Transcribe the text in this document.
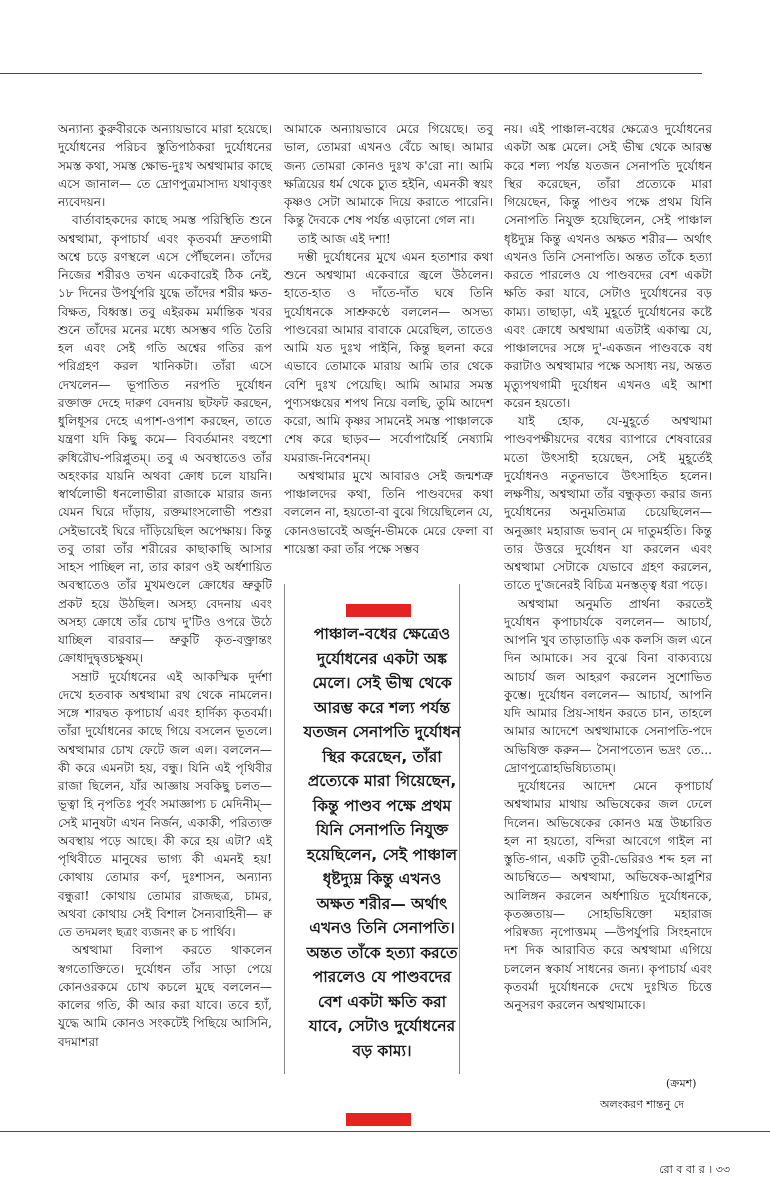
অন্যান্য কুরুবীরকে অন্যায়ভাবে মারা হয়েছে। দুর্যোধনের পরিচব স্তুতিপাঠকরা দুর্যোধনের সমস্ত কথা, সমস্ত ক্ষোভ-দুঃখ অশ্বত্থামার কাছে এসে জানাল— তে দ্রোণপুত্রমাসাদ্য যথাবৃত্তং ন্যবেদয়ন।

বার্তাবাহকদের কাছে সমস্ত পরিস্থিতি শুনে অশ্বত্থামা, কৃপাচার্য এবং কৃতবর্মা দ্রুতগামী অশ্বে চড়ে রণস্থলে এসে পৌঁছলেন। তাঁদের নিজের শরীরও তখন একেবারেই ঠিক নেই, ১৮ দিনের উপর্যুপরি যুদ্ধে তাঁদের শরীর ক্ষত-বিক্ষত, বিধ্বস্ত। তবু এইরকম মর্মান্তিক খবর শুনে তাঁদের মনের মধ্যে অসম্ভব গতি তৈরি হল এবং সেই গতি অশ্বের গতির রূপ পরিগ্রহণ করল খানিকটা। তাঁরা এসে দেখলেন— ভূপাতিত নরপতি দুর্যোধন রক্তাক্ত দেহে দারুণ বেদনায় ছটফট করছেন, ধুলিধূসর দেহে এপাশ-ওপাশ করছেন, তাতে যন্ত্রণা যদি কিছু কমে— বিবর্তমানং বহুশো রুধিরৌঘ-পরিপ্লুতম্। তবু এ অবস্থাতেও তাঁর অহংকার যায়নি অথবা ক্রোধ চলে যায়নি। স্বার্থলোভী ধনলোভীরা রাজাকে মারার জন্য যেমন ঘিরে দাঁড়ায়, রক্তমাংসলোভী পশুরা সেইভাবেই ঘিরে দাঁড়িয়েছিল অপেক্ষায়। কিন্তু তবু তারা তাঁর শরীরের কাছাকাছি আসার সাহস পাচ্ছিল না, তার কারণ ওই অর্ধশায়িত অবস্থাতেও তাঁর মুখমণ্ডলে ক্রোধের ভ্রুকুটি প্রকট হয়ে উঠছিল। অসহ্য বেদনায় এবং অসহ্য ক্রোধে তাঁর চোখ দু'টিও ওপরে উঠে যাচ্ছিল বারবার— ভ্রুকুটি কৃত-বক্ত্রান্তং ক্রোধাদুদ্বৃত্তচক্ষুষম্।

সম্রাট দুর্যোধনের এই আকস্মিক দুর্দশা দেখে হতবাক অশ্বত্থামা রথ থেকে নামলেন। সঙ্গে শারদ্বত কৃপাচার্য এবং হার্দিক্য কৃতবর্মা। তাঁরা দুর্যোধনের কাছে গিয়ে বসলেন ভূতলে। অশ্বত্থামার চোখ ফেটে জল এল। বললেন— কী করে এমনটা হয়, বন্ধু। যিনি এই পৃথিবীর রাজা ছিলেন, যাঁর আজ্ঞায় সবকিছু চলত— ভূত্বা হি নৃপতিঃ পূর্বং সমাজ্ঞাপ্য চ মেদিনীম্— সেই মানুষটা এখন নির্জন, একাকী, পরিত্যক্ত অবস্থায় পড়ে আছে। কী করে হয় এটা? এই পৃথিবীতে মানুষের ভাগ্য কী এমনই হয়! কোথায় তোমার কর্ণ, দুঃশাসন, অন্যান্য বন্ধুরা! কোথায় তোমার রাজছত্র, চামর, অথবা কোথায় সেই বিশাল সৈন্যবাহিনী— ক্ব তে তদমলং ছত্রং ব্যজনং ক্ব চ পার্থিব।

অশ্বত্থামা বিলাপ করতে থাকলেন স্বগতোক্তিতে। দুর্যোধন তাঁর সাড়া পেয়ে কোনওরকমে চোখ কচলে মুছে বললেন— কালের গতি, কী আর করা যাবে। তবে হ্যাঁ, যুদ্ধে আমি কোনও সংকটেই পিছিয়ে আসিনি, বদমাশরা

আমাকে অন্যায়ভাবে মেরে গিয়েছে। তবু ভাল, তোমরা এখনও বেঁচে আছ। আমার জন্য তোমরা কোনও দুঃখ ক'রো না। আমি ক্ষত্রিয়ের ধর্ম থেকে চ্যুত হইনি, এমনকী স্বয়ং কৃষ্ণও সেটা আমাকে দিয়ে করাতে পারেনি। কিন্তু দৈবকে শেষ পর্যন্ত এড়ানো গেল না।

তাই আজ এই দশা!

দম্ভী দুর্যোধনের মুখে এমন হতাশার কথা শুনে অশ্বত্থামা একেবারে জ্বলে উঠলেন। হাতে-হাত ও দাঁতে-দাঁত ঘষে তিনি দুর্যোধনকে সাশ্রুকণ্ঠে বললেন— অসভ্য পাণ্ডবেরা আমার বাবাকে মেরেছিল, তাতেও আমি যত দুঃখ পাইনি, কিন্তু ছলনা করে এভাবে তোমাকে মারায় আমি তার থেকে বেশি দুঃখ পেয়েছি। আমি আমার সমস্ত পুণ্যসঞ্চয়ের শপথ নিয়ে বলছি, তুমি আদেশ করো, আমি কৃষ্ণর সামনেই সমস্ত পাঞ্চালকে শেষ করে ছাড়ব— সর্বোপায়ৈর্হি নেষ্যামি যমরাজ-নিবেশনম্।

অশ্বত্থামার মুখে আবারও সেই জন্মশত্রু পাঞ্চালদের কথা, তিনি পাণ্ডবদের কথা বললেন না, হয়তো-বা বুঝে গিয়েছিলেন যে, কোনওভাবেই অর্জুন-ভীমকে মেরে ফেলা বা শায়েস্তা করা তাঁর পক্ষে সম্ভব

পাঞ্চাল-বধের ক্ষেত্রেও দুর্যোধনের একটা অঙ্ক মেলে। সেই ভীষ্ম থেকে আরম্ভ করে শল্য পর্যন্ত যতজন সেনাপতি দুর্যোধন স্থির করেছেন, তাঁরা প্রত্যেকে মারা গিয়েছেন, কিন্তু পাণ্ডব পক্ষে প্রথম যিনি সেনাপতি নিযুক্ত হয়েছিলেন, সেই পাঞ্চাল ধৃষ্টদ্যুম্ন কিন্তু এখনও অক্ষত শরীর— অর্থাৎ এখনও তিনি সেনাপতি। অন্তত তাঁকে হত্যা করতে পারলেও যে পাণ্ডবদের বেশ একটা ক্ষতি করা যাবে, সেটাও দুর্যোধনের বড় কাম্য।

নয়। এই পাঞ্চাল-বধের ক্ষেত্রেও দুর্যোধনের একটা অঙ্ক মেলে। সেই ভীষ্ম থেকে আরম্ভ করে শল্য পর্যন্ত যতজন সেনাপতি দুর্যোধন স্থির করেছেন, তাঁরা প্রত্যেকে মারা গিয়েছেন, কিন্তু পাণ্ডব পক্ষে প্রথম যিনি সেনাপতি নিযুক্ত হয়েছিলেন, সেই পাঞ্চাল ধৃষ্টদ্যুম্ন কিন্তু এখনও অক্ষত শরীর— অর্থাৎ এখনও তিনি সেনাপতি। অন্তত তাঁকে হত্যা করতে পারলেও যে পাণ্ডবদের বেশ একটা ক্ষতি করা যাবে, সেটাও দুর্যোধনের বড় কাম্য। তাছাড়া, এই মুহূর্তে দুর্যোধনের কষ্টে এবং ক্রোধে অশ্বত্থামা এতটাই একাত্ম যে, পাঞ্চালদের সঙ্গে দু'-একজন পাণ্ডবকে বধ করাটাও অশ্বত্থামার পক্ষে অসাধ্য নয়, অন্তত মৃত্যুপথগামী দুর্যোধন এখনও এই আশা করেন হয়তো।

যাই হোক, যে-মুহূর্তে অশ্বত্থামা পাণ্ডবপক্ষীয়দের বধের ব্যাপারে শেষবারের মতো উৎসাহী হয়েছেন, সেই মুহূর্তেই দুর্যোধনও নতুনভাবে উৎসাহিত হলেন। লক্ষণীয়, অশ্বত্থামা তাঁর বন্ধুকৃত্য করার জন্য দুর্যোধনের অনুমতিমাত্র চেয়েছিলেন— অনুজ্ঞাং মহারাজ ভবান্ মে দাতুমর্হতি। কিন্তু তার উত্তরে দুর্যোধন যা করলেন এবং অশ্বত্থামা সেটাকে যেভাবে গ্রহণ করলেন, তাতে দু'জনেরই বিচিত্র মনস্তত্ত্ব ধরা পড়ে।

অশ্বত্থামা অনুমতি প্রার্থনা করতেই দুর্যোধন কৃপাচার্যকে বললেন— আচার্য, আপনি খুব তাড়াতাড়ি এক কলসি জল এনে দিন আমাকে। সব বুঝে বিনা বাক্যব্যয়ে আচার্য জল আহরণ করলেন সুশোভিত কুম্ভে। দুর্যোধন বললেন— আচার্য, আপনি যদি আমার প্রিয়-সাধন করতে চান, তাহলে আমার আদেশে অশ্বত্থামাকে সেনাপতি-পদে অভিষিক্ত করুন— সৈনাপত্যেন ভদ্রং তে... দ্রোণপুত্রোহভিষিচ্যতাম্।

দুর্যোধনের আদেশ মেনে কৃপাচার্য অশ্বত্থামার মাথায় অভিষেকের জল ঢেলে দিলেন। অভিষেকের কোনও মন্ত্র উচ্চারিত হল না হয়তো, বন্দিরা আবেগে গাইল না স্তুতি-গান, একটি তূরী-ভেরিরও শব্দ হল না আচম্বিতে— অশ্বত্থামা, অভিষেক-আপ্লুশির আলিঙ্গন করলেন অর্ধশায়িত দুর্যোধনকে, কৃতজ্ঞতায়— সোহভিষিক্তো মহারাজ পরিষ্বজ্য নৃপোত্তমম্ —উপর্যুপরি সিংহনাদে দশ দিক আরাবিত করে অশ্বত্থামা এগিয়ে চললেন স্বকার্য সাধনের জন্য। কৃপাচার্য এবং কৃতবর্মা দুর্যোধনকে দেখে দুঃখিত চিত্তে অনুসরণ করলেন অশ্বত্থামাকে।

(ক্রমশ)
অলংকরণ শান্তনু দে
রো ব বা র । ৩৩
